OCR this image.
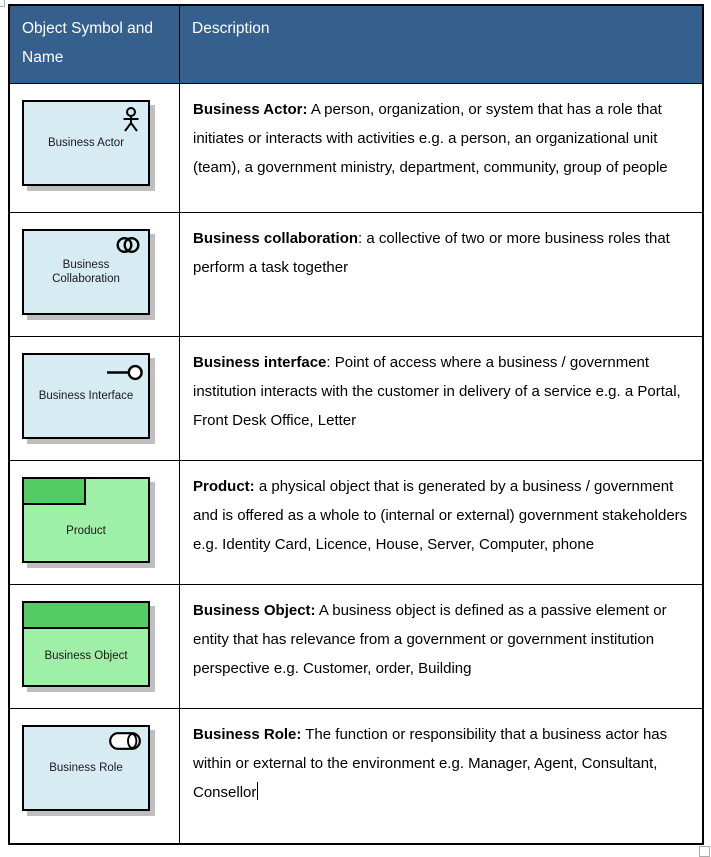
Object Symbol and Name
Description
Business Actor
Business Actor: A person, organization, or system that has a role that initiates or interacts with activities e.g. a person, an organizational unit (team), a government ministry, department, community, group of people
Business Collaboration
Business collaboration: a collective of two or more business roles that perform a task together
Business Interface
Business interface: Point of access where a business / government institution interacts with the customer in delivery of a service e.g. a Portal, Front Desk Office, Letter
Product
Product: a physical object that is generated by a business / government and is offered as a whole to (internal or external) government stakeholders e.g. Identity Card, Licence, House, Server, Computer, phone
Business Object
Business Object: A business object is defined as a passive element or entity that has relevance from a government or government institution perspective e.g. Customer, order, Building
Business Role
Business Role: The function or responsibility that a business actor has within or external to the environment e.g. Manager, Agent, Consultant, Consellor
